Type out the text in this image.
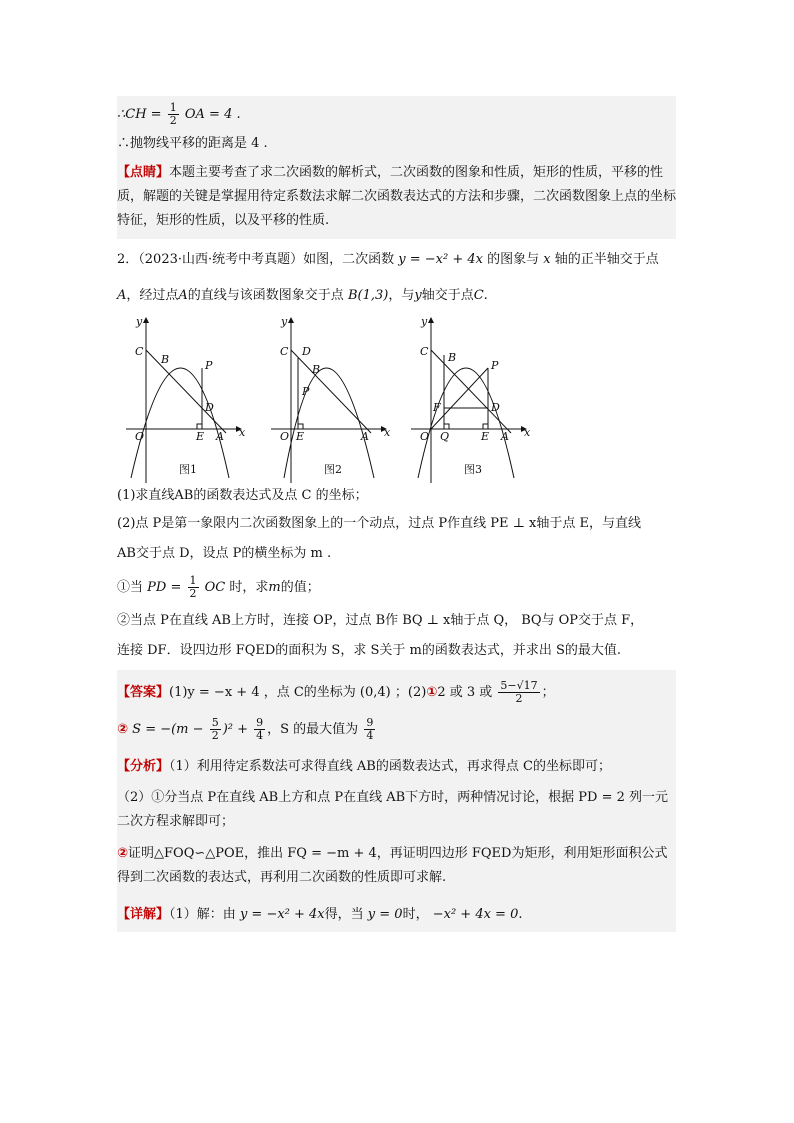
∴CH = $\frac{1}{2}$ OA = 4 .
∴抛物线平移的距离是 4 .
【点睛】本题主要考查了求二次函数的解析式，二次函数的图象和性质，矩形的性质，平移的性质，解题的关键是掌握用待定系数法求解二次函数表达式的方法和步骤，二次函数图象上点的坐标特征，矩形的性质，以及平移的性质.
2．（2023·山西·统考中考真题）如图，二次函数 y = −x² + 4x 的图象与 x 轴的正半轴交于点
A，经过点A的直线与该函数图象交于点 B(1,3)，与y轴交于点C.
y
x
C
B	P
D
O	E A
图1
y
x
C D
B
P
O E	A
图2
y
x
C B
P
F	D
O Q	E A
图3
(1)求直线AB的函数表达式及点 C 的坐标；
(2)点 P是第一象限内二次函数图象上的一个动点，过点 P作直线 PE ⊥ x轴于点 E，与直线
AB交于点 D，设点 P的横坐标为 m .
①当 PD = $\frac{1}{2}$ OC 时，求m的值；
②当点 P在直线 AB上方时，连接 OP，过点 B作 BQ ⊥ x轴于点 Q， BQ与 OP交于点 F，
连接 DF．设四边形 FQED的面积为 S，求 S关于 m的函数表达式，并求出 S的最大值.
【答案】(1)y = −x + 4 ，点 C的坐标为 (0,4) ；(2)①2 或 3 或 $\frac{5-√17}{2}$ ；
② $S = -(m - \frac{5}{2} )^2 + \frac{9}{4}$ ，S 的最大值为 $\frac{9}{4}$
【分析】（1）利用待定系数法可求得直线 AB的函数表达式，再求得点 C的坐标即可；
（2）①分当点 P在直线 AB上方和点 P在直线 AB下方时，两种情况讨论，根据 PD = 2 列一元二次方程求解即可；
②证明△FOQ∽△POE，推出 FQ = −m + 4，再证明四边形 FQED为矩形，利用矩形面积公式得到二次函数的表达式，再利用二次函数的性质即可求解.
【详解】（1）解：由 y = −x² + 4x得，当 y = 0时， −x² + 4x = 0.
